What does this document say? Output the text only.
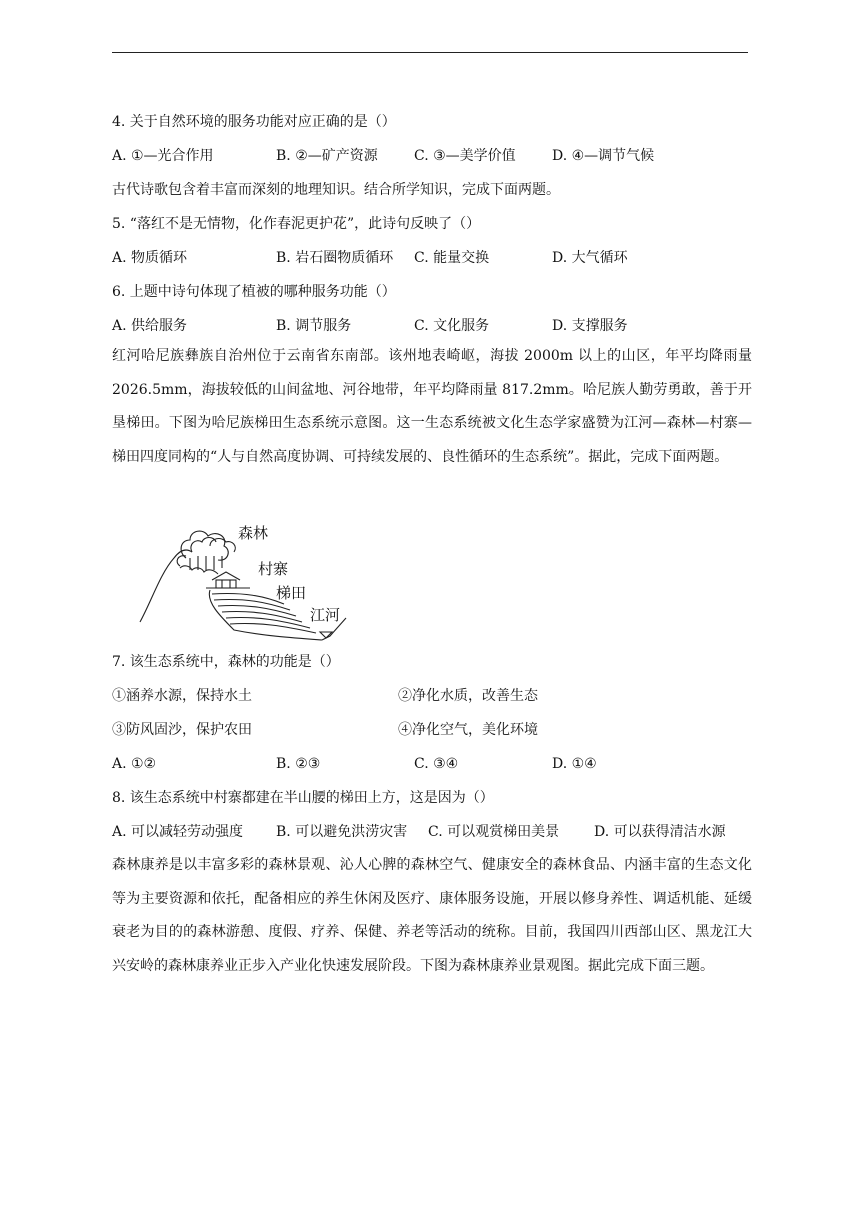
4. 关于自然环境的服务功能对应正确的是（）
A. ①—光合作用	B. ②—矿产资源	C. ③—美学价值	D. ④—调节气候
古代诗歌包含着丰富而深刻的地理知识。结合所学知识，完成下面两题。
5. “落红不是无情物，化作春泥更护花”，此诗句反映了（）
A. 物质循环	B. 岩石圈物质循环 C. 能量交换	D. 大气循环
6. 上题中诗句体现了植被的哪种服务功能（）
A. 供给服务	B. 调节服务	C. 文化服务	D. 支撑服务
红河哈尼族彝族自治州位于云南省东南部。该州地表崎岖，海拔 2000m 以上的山区，年平均降雨量 2026.5mm，海拔较低的山间盆地、河谷地带，年平均降雨量 817.2mm。哈尼族人勤劳勇敢，善于开垦梯田。下图为哈尼族梯田生态系统示意图。这一生态系统被文化生态学家盛赞为江河—森林—村寨—梯田四度同构的“人与自然高度协调、可持续发展的、良性循环的生态系统”。据此，完成下面两题。
森林
村寨
梯田
江河
7. 该生态系统中，森林的功能是（）
①涵养水源，保持水土	②净化水质，改善生态
③防风固沙，保护农田	④净化空气，美化环境
A. ①②	B. ②③	C. ③④	D. ①④
8. 该生态系统中村寨都建在半山腰的梯田上方，这是因为（）
A. 可以减轻劳动强度 B. 可以避免洪涝灾害 C. 可以观赏梯田美景 D. 可以获得清洁水源
森林康养是以丰富多彩的森林景观、沁人心脾的森林空气、健康安全的森林食品、内涵丰富的生态文化等为主要资源和依托，配备相应的养生休闲及医疗、康体服务设施，开展以修身养性、调适机能、延缓衰老为目的的森林游憩、度假、疗养、保健、养老等活动的统称。目前，我国四川西部山区、黑龙江大兴安岭的森林康养业正步入产业化快速发展阶段。下图为森林康养业景观图。据此完成下面三题。
